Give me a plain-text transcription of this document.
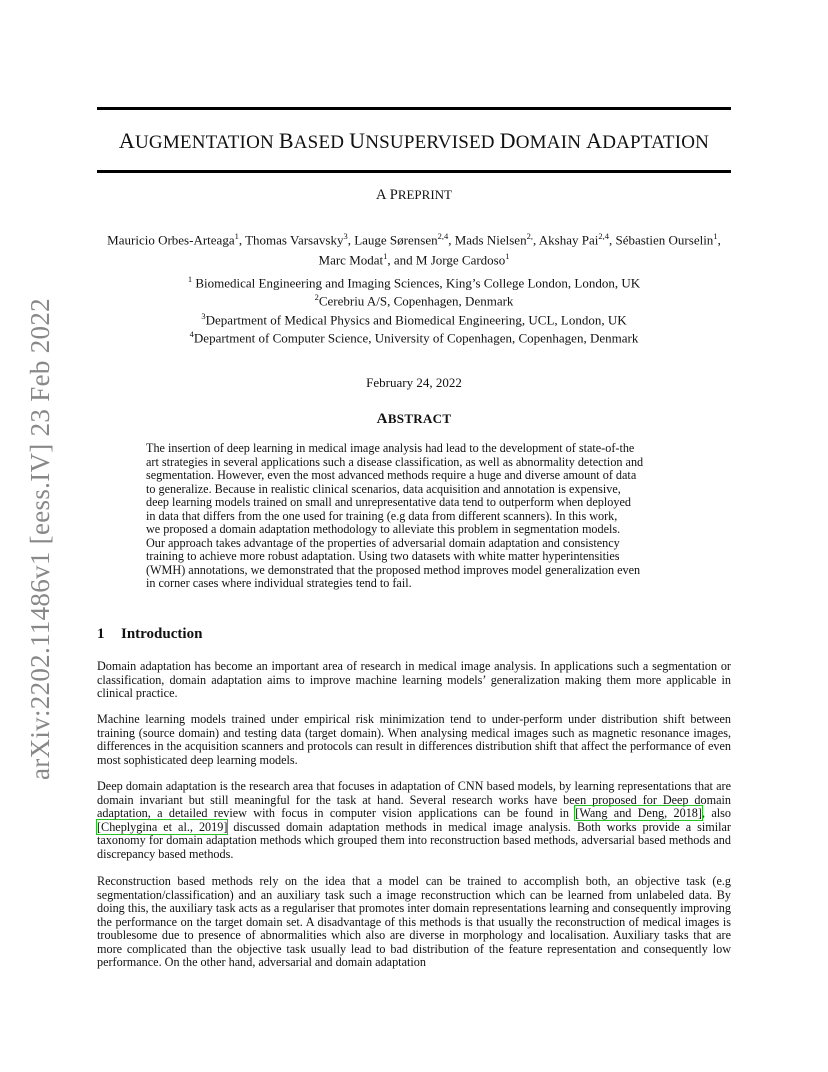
arXiv:2202.11486v1 [eess.IV] 23 Feb 2022
AUGMENTATION BASED UNSUPERVISED DOMAIN ADAPTATION
A PREPRINT
Mauricio Orbes-Arteaga$^1$, Thomas Varsavsky$^3$, Lauge Sørensen$^{2,4}$, Mads Nielsen$^{2,}$, Akshay Pai$^{2,4}$, Sébastien Ourselin$^1$,
Marc Modat$^1$, and M Jorge Cardoso$^1$
$^1$ Biomedical Engineering and Imaging Sciences, King’s College London, London, UK
$^2$Cerebriu A/S, Copenhagen, Denmark
$^3$Department of Medical Physics and Biomedical Engineering, UCL, London, UK
$^4$Department of Computer Science, University of Copenhagen, Copenhagen, Denmark
February 24, 2022
ABSTRACT
The insertion of deep learning in medical image analysis had lead to the development of state-of-the
art strategies in several applications such a disease classification, as well as abnormality detection and
segmentation. However, even the most advanced methods require a huge and diverse amount of data
to generalize. Because in realistic clinical scenarios, data acquisition and annotation is expensive,
deep learning models trained on small and unrepresentative data tend to outperform when deployed
in data that differs from the one used for training (e.g data from different scanners). In this work,
we proposed a domain adaptation methodology to alleviate this problem in segmentation models.
Our approach takes advantage of the properties of adversarial domain adaptation and consistency
training to achieve more robust adaptation. Using two datasets with white matter hyperintensities
(WMH) annotations, we demonstrated that the proposed method improves model generalization even
in corner cases where individual strategies tend to fail.
1 Introduction
Domain adaptation has become an important area of research in medical image analysis. In applications such a segmentation or classification, domain adaptation aims to improve machine learning models’ generalization making them more applicable in clinical practice.
Machine learning models trained under empirical risk minimization tend to under-perform under distribution shift between training (source domain) and testing data (target domain). When analysing medical images such as magnetic resonance images, differences in the acquisition scanners and protocols can result in differences distribution shift that affect the performance of even most sophisticated deep learning models.
Deep domain adaptation is the research area that focuses in adaptation of CNN based models, by learning representations that are domain invariant but still meaningful for the task at hand. Several research works have been proposed for Deep domain adaptation, a detailed review with focus in computer vision applications can be found in [Wang and Deng, 2018], also [Cheplygina et al., 2019] discussed domain adaptation methods in medical image analysis. Both works provide a similar taxonomy for domain adaptation methods which grouped them into reconstruction based methods, adversarial based methods and discrepancy based methods.
Reconstruction based methods rely on the idea that a model can be trained to accomplish both, an objective task (e.g segmentation/classification) and an auxiliary task such a image reconstruction which can be learned from unlabeled data. By doing this, the auxiliary task acts as a regulariser that promotes inter domain representations learning and consequently improving the performance on the target domain set. A disadvantage of this methods is that usually the reconstruction of medical images is troublesome due to presence of abnormalities which also are diverse in morphology and localisation. Auxiliary tasks that are more complicated than the objective task usually lead to bad distribution of the feature representation and consequently low performance. On the other hand, adversarial and domain adaptation
